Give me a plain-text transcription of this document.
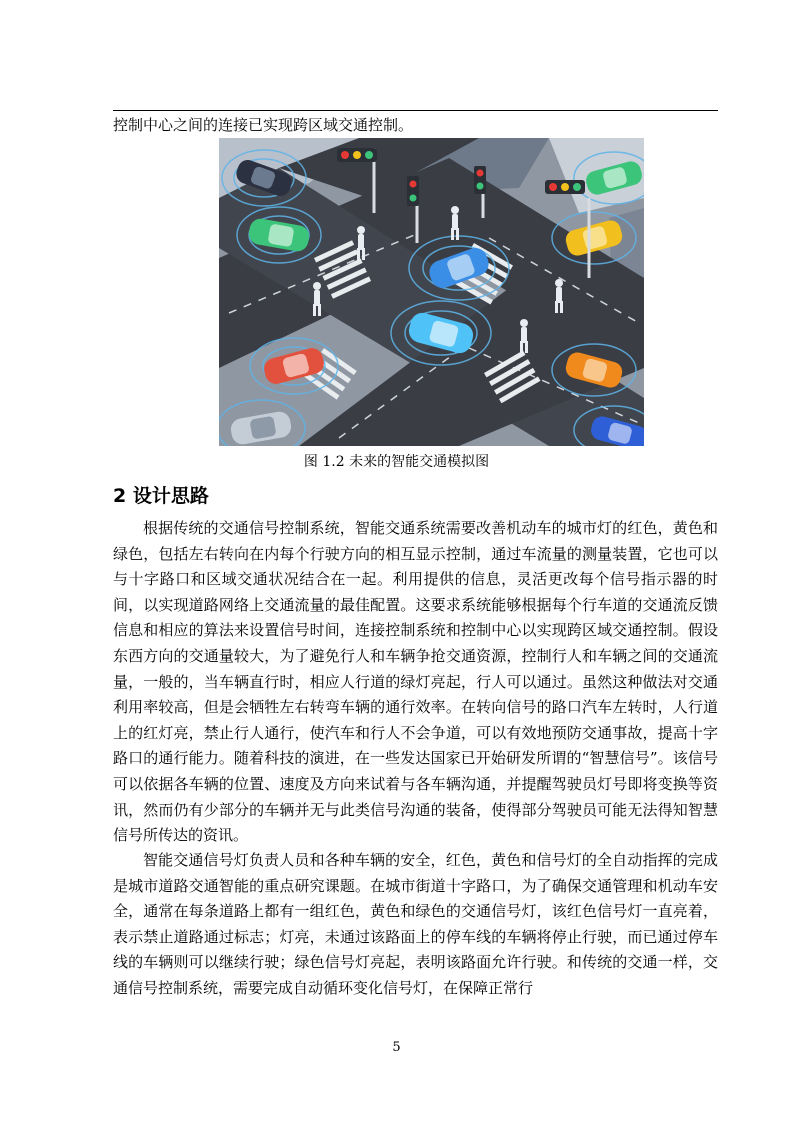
控制中心之间的连接已实现跨区域交通控制。
图 1.2 未来的智能交通模拟图
2 设计思路

根据传统的交通信号控制系统，智能交通系统需要改善机动车的城市灯的红色，黄色和绿色，包括左右转向在内每个行驶方向的相互显示控制，通过车流量的测量装置，它也可以与十字路口和区域交通状况结合在一起。利用提供的信息，灵活更改每个信号指示器的时间，以实现道路网络上交通流量的最佳配置。这要求系统能够根据每个行车道的交通流反馈信息和相应的算法来设置信号时间，连接控制系统和控制中心以实现跨区域交通控制。假设东西方向的交通量较大，为了避免行人和车辆争抢交通资源，控制行人和车辆之间的交通流量，一般的，当车辆直行时，相应人行道的绿灯亮起，行人可以通过。虽然这种做法对交通利用率较高，但是会牺牲左右转弯车辆的通行效率。在转向信号的路口汽车左转时，人行道上的红灯亮，禁止行人通行，使汽车和行人不会争道，可以有效地预防交通事故，提高十字路口的通行能力。随着科技的演进，在一些发达国家已开始研发所谓的“智慧信号”。该信号可以依据各车辆的位置、速度及方向来试着与各车辆沟通，并提醒驾驶员灯号即将变换等资讯，然而仍有少部分的车辆并无与此类信号沟通的装备，使得部分驾驶员可能无法得知智慧信号所传达的资讯。

智能交通信号灯负责人员和各种车辆的安全，红色，黄色和信号灯的全自动指挥的完成是城市道路交通智能的重点研究课题。在城市街道十字路口，为了确保交通管理和机动车安全，通常在每条道路上都有一组红色，黄色和绿色的交通信号灯，该红色信号灯一直亮着，表示禁止道路通过标志；灯亮，未通过该路面上的停车线的车辆将停止行驶，而已通过停车线的车辆则可以继续行驶；绿色信号灯亮起，表明该路面允许行驶。和传统的交通一样，交通信号控制系统，需要完成自动循环变化信号灯，在保障正常行

5
